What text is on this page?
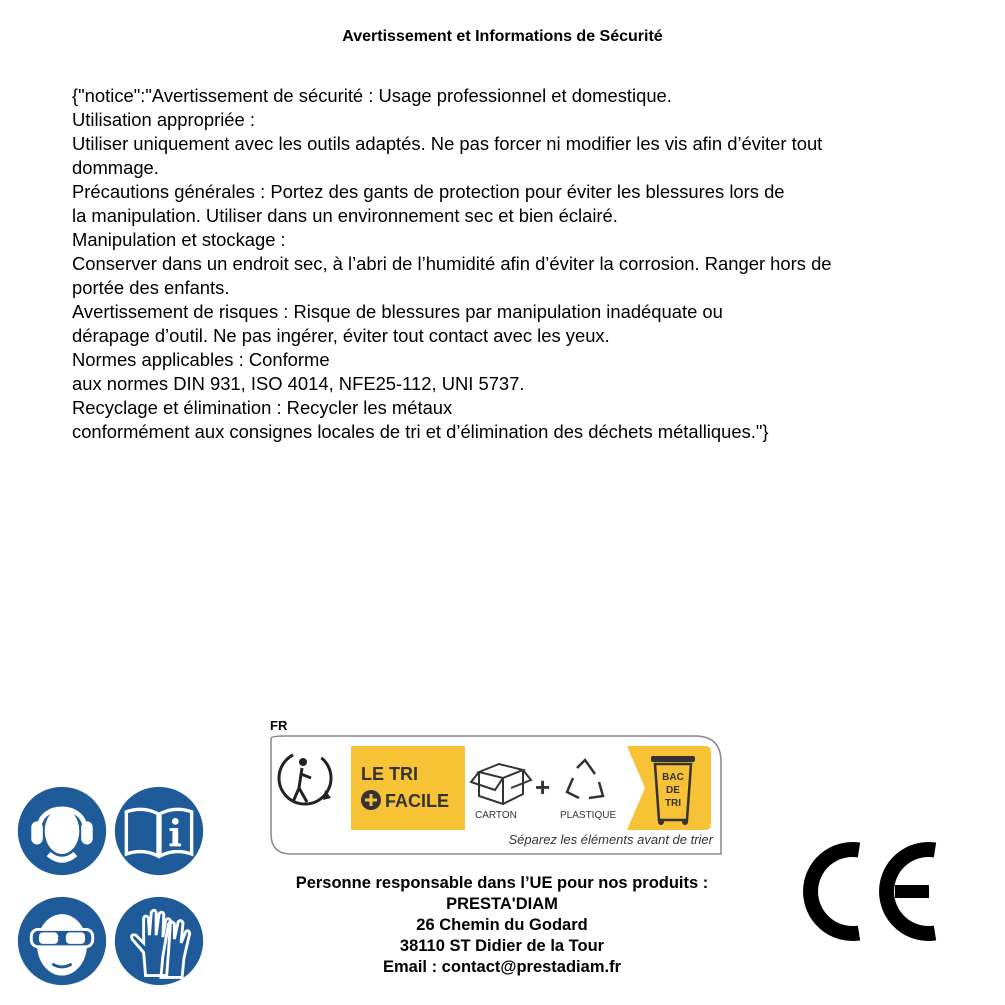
Avertissement et Informations de Sécurité
{"notice":"Avertissement de sécurité : Usage professionnel et domestique.
Utilisation appropriée :
Utiliser uniquement avec les outils adaptés. Ne pas forcer ni modifier les vis afin d’éviter tout
dommage.
Précautions générales : Portez des gants de protection pour éviter les blessures lors de
la manipulation. Utiliser dans un environnement sec et bien éclairé.
Manipulation et stockage :
Conserver dans un endroit sec, à l’abri de l’humidité afin d’éviter la corrosion. Ranger hors de
portée des enfants.
Avertissement de risques : Risque de blessures par manipulation inadéquate ou
dérapage d’outil. Ne pas ingérer, éviter tout contact avec les yeux.
Normes applicables : Conforme
aux normes DIN 931, ISO 4014, NFE25-112, UNI 5737.
Recyclage et élimination : Recycler les métaux
conformément aux consignes locales de tri et d’élimination des déchets métalliques."}
FR
LE TRI
FACILE
CARTON
+
PLASTIQUE
BAC
DE
TRI
Séparez les éléments avant de trier
Personne responsable dans l’UE pour nos produits :
PRESTA'DIAM
26 Chemin du Godard
38110 ST Didier de la Tour
Email : contact@prestadiam.fr
